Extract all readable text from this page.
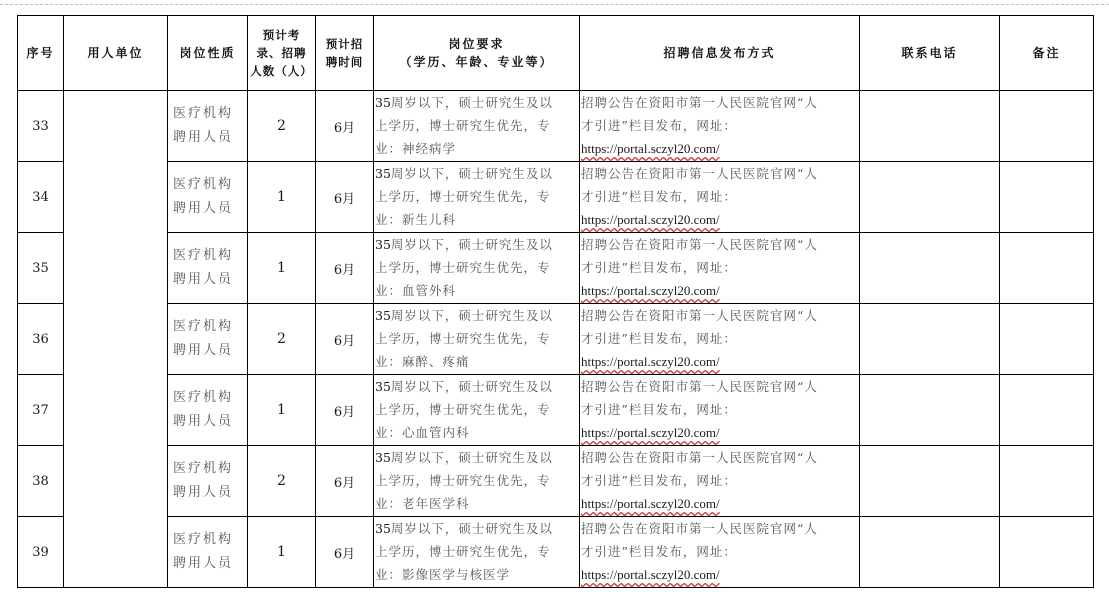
序号	用人单位	岗位性质	预计考
录、招聘
人数（人）	预计招
聘时间	岗位要求
（学历、年龄、专业等）	招聘信息发布方式	联系电话	备注
33		医疗机构
聘用人员	2	6月	35周岁以下，硕士研究生及以
上学历，博士研究生优先，专
业：神经病学	招聘公告在资阳市第一人民医院官网“人
才引进”栏目发布，网址：
https://portal.sczyl20.com/		

34		医疗机构
聘用人员	1	6月	35周岁以下，硕士研究生及以
上学历，博士研究生优先，专
业：新生儿科	招聘公告在资阳市第一人民医院官网“人
才引进”栏目发布，网址：
https://portal.sczyl20.com/		

35		医疗机构
聘用人员	1	6月	35周岁以下，硕士研究生及以
上学历，博士研究生优先，专
业：血管外科	招聘公告在资阳市第一人民医院官网“人
才引进”栏目发布，网址：
https://portal.sczyl20.com/		

36		医疗机构
聘用人员	2	6月	35周岁以下，硕士研究生及以
上学历，博士研究生优先，专
业：麻醉、疼痛	招聘公告在资阳市第一人民医院官网“人
才引进”栏目发布，网址：
https://portal.sczyl20.com/		

37		医疗机构
聘用人员	1	6月	35周岁以下，硕士研究生及以
上学历，博士研究生优先，专
业：心血管内科	招聘公告在资阳市第一人民医院官网“人
才引进”栏目发布，网址：
https://portal.sczyl20.com/		

38		医疗机构
聘用人员	2	6月	35周岁以下，硕士研究生及以
上学历，博士研究生优先，专
业：老年医学科	招聘公告在资阳市第一人民医院官网“人
才引进”栏目发布，网址：
https://portal.sczyl20.com/		

39		医疗机构
聘用人员	1	6月	35周岁以下，硕士研究生及以
上学历，博士研究生优先，专
业：影像医学与核医学	招聘公告在资阳市第一人民医院官网“人
才引进”栏目发布，网址：
https://portal.sczyl20.com/		
